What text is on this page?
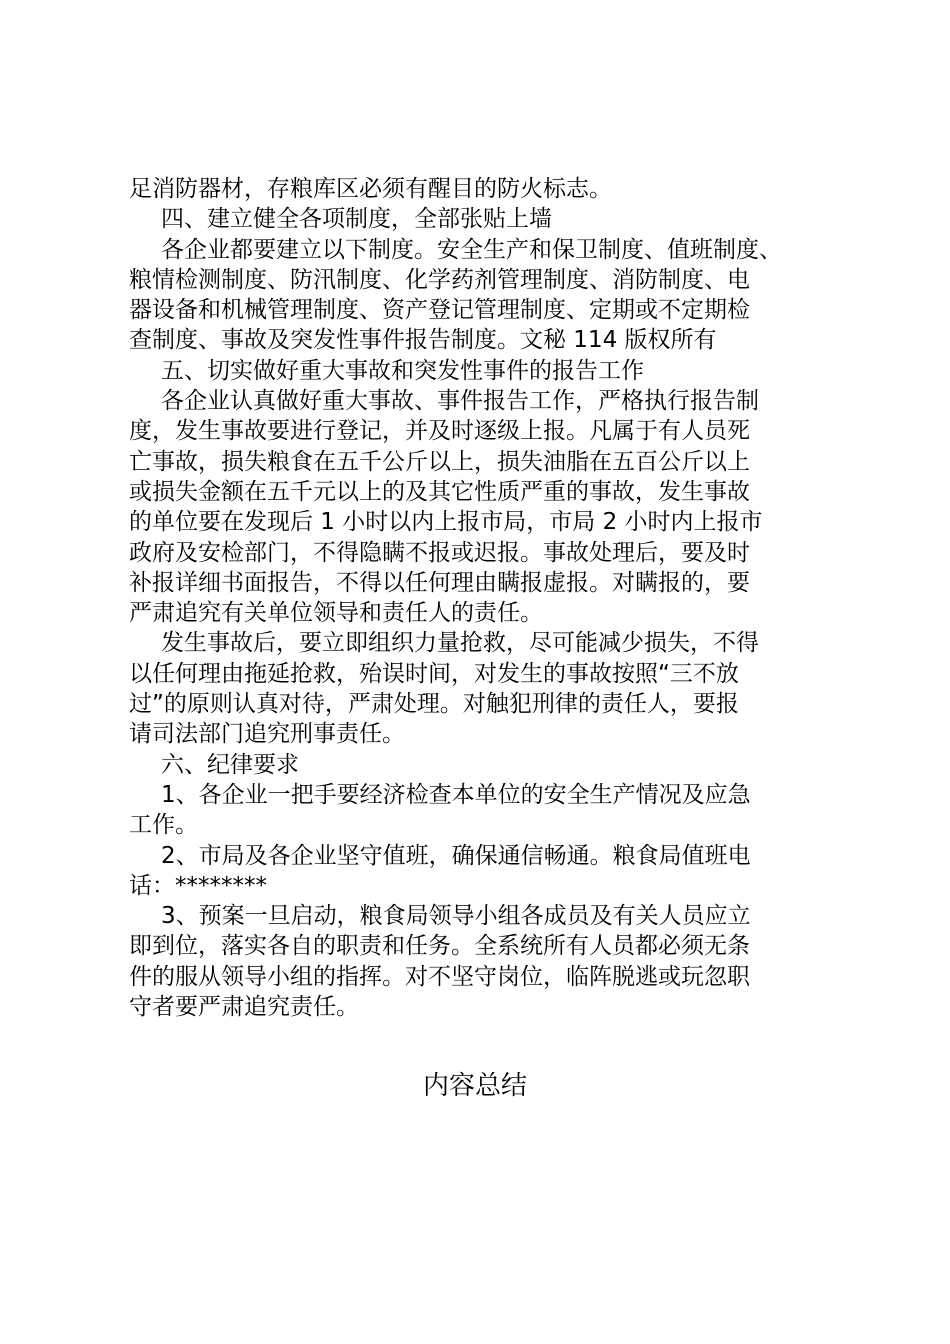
足消防器材，存粮库区必须有醒目的防火标志。
四、建立健全各项制度，全部张贴上墙
各企业都要建立以下制度。安全生产和保卫制度、值班制度、
粮情检测制度、防汛制度、化学药剂管理制度、消防制度、电
器设备和机械管理制度、资产登记管理制度、定期或不定期检
查制度、事故及突发性事件报告制度。文秘 114 版权所有
五、切实做好重大事故和突发性事件的报告工作
各企业认真做好重大事故、事件报告工作，严格执行报告制
度，发生事故要进行登记，并及时逐级上报。凡属于有人员死
亡事故，损失粮食在五千公斤以上，损失油脂在五百公斤以上
或损失金额在五千元以上的及其它性质严重的事故，发生事故
的单位要在发现后 1 小时以内上报市局，市局 2 小时内上报市
政府及安检部门，不得隐瞒不报或迟报。事故处理后，要及时
补报详细书面报告，不得以任何理由瞒报虚报。对瞒报的，要
严肃追究有关单位领导和责任人的责任。
发生事故后，要立即组织力量抢救，尽可能减少损失，不得
以任何理由拖延抢救，殆误时间，对发生的事故按照“三不放
过”的原则认真对待，严肃处理。对触犯刑律的责任人，要报
请司法部门追究刑事责任。
六、纪律要求
1、各企业一把手要经济检查本单位的安全生产情况及应急
工作。
2、市局及各企业坚守值班，确保通信畅通。粮食局值班电
话：********
3、预案一旦启动，粮食局领导小组各成员及有关人员应立
即到位，落实各自的职责和任务。全系统所有人员都必须无条
件的服从领导小组的指挥。对不坚守岗位，临阵脱逃或玩忽职
守者要严肃追究责任。
内容总结
